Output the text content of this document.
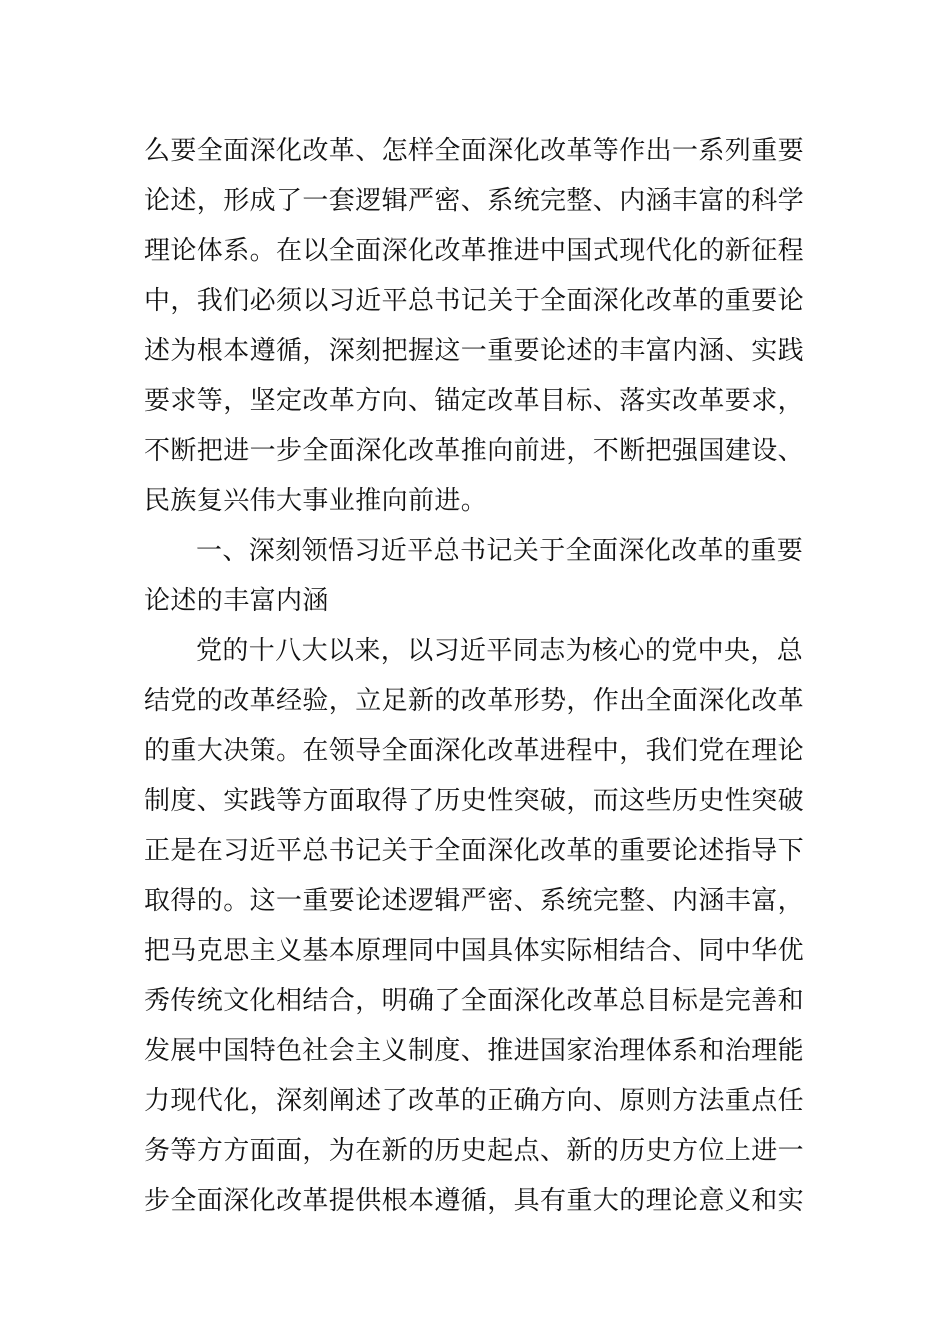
么要全面深化改革、怎样全面深化改革等作出一系列重要
论述，形成了一套逻辑严密、系统完整、内涵丰富的科学
理论体系。在以全面深化改革推进中国式现代化的新征程
中，我们必须以习近平总书记关于全面深化改革的重要论
述为根本遵循，深刻把握这一重要论述的丰富内涵、实践
要求等，坚定改革方向、锚定改革目标、落实改革要求，
不断把进一步全面深化改革推向前进，不断把强国建设、
民族复兴伟大事业推向前进。
一、深刻领悟习近平总书记关于全面深化改革的重要
论述的丰富内涵
党的十八大以来，以习近平同志为核心的党中央，总
结党的改革经验，立足新的改革形势，作出全面深化改革
的重大决策。在领导全面深化改革进程中，我们党在理论
制度、实践等方面取得了历史性突破，而这些历史性突破
正是在习近平总书记关于全面深化改革的重要论述指导下
取得的。这一重要论述逻辑严密、系统完整、内涵丰富，
把马克思主义基本原理同中国具体实际相结合、同中华优
秀传统文化相结合，明确了全面深化改革总目标是完善和
发展中国特色社会主义制度、推进国家治理体系和治理能
力现代化，深刻阐述了改革的正确方向、原则方法重点任
务等方方面面，为在新的历史起点、新的历史方位上进一
步全面深化改革提供根本遵循，具有重大的理论意义和实
